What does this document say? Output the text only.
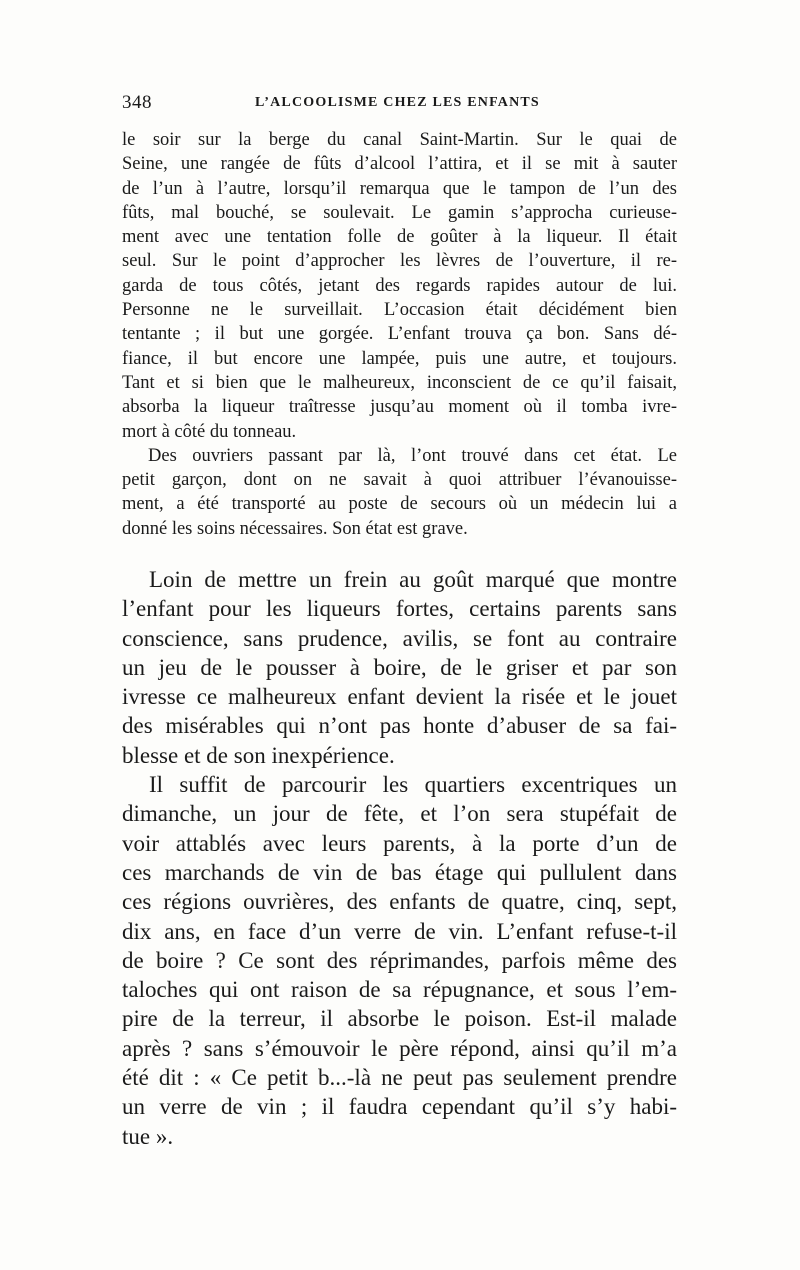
348	L’ALCOOLISME CHEZ LES ENFANTS
le soir sur la berge du canal Saint-Martin. Sur le quai de
Seine, une rangée de fûts d’alcool l’attira, et il se mit à sauter
de l’un à l’autre, lorsqu’il remarqua que le tampon de l’un des
fûts, mal bouché, se soulevait. Le gamin s’approcha curieuse-
ment avec une tentation folle de goûter à la liqueur. Il était
seul. Sur le point d’approcher les lèvres de l’ouverture, il re-
garda de tous côtés, jetant des regards rapides autour de lui.
Personne ne le surveillait. L’occasion était décidément bien
tentante ; il but une gorgée. L’enfant trouva ça bon. Sans dé-
fiance, il but encore une lampée, puis une autre, et toujours.
Tant et si bien que le malheureux, inconscient de ce qu’il faisait,
absorba la liqueur traîtresse jusqu’au moment où il tomba ivre-
mort à côté du tonneau.
Des ouvriers passant par là, l’ont trouvé dans cet état. Le
petit garçon, dont on ne savait à quoi attribuer l’évanouisse-
ment, a été transporté au poste de secours où un médecin lui a
donné les soins nécessaires. Son état est grave.
Loin de mettre un frein au goût marqué que montre
l’enfant pour les liqueurs fortes, certains parents sans
conscience, sans prudence, avilis, se font au contraire
un jeu de le pousser à boire, de le griser et par son
ivresse ce malheureux enfant devient la risée et le jouet
des misérables qui n’ont pas honte d’abuser de sa fai-
blesse et de son inexpérience.
Il suffit de parcourir les quartiers excentriques un
dimanche, un jour de fête, et l’on sera stupéfait de
voir attablés avec leurs parents, à la porte d’un de
ces marchands de vin de bas étage qui pullulent dans
ces régions ouvrières, des enfants de quatre, cinq, sept,
dix ans, en face d’un verre de vin. L’enfant refuse-t-il
de boire ? Ce sont des réprimandes, parfois même des
taloches qui ont raison de sa répugnance, et sous l’em-
pire de la terreur, il absorbe le poison. Est-il malade
après ? sans s’émouvoir le père répond, ainsi qu’il m’a
été dit : « Ce petit b...-là ne peut pas seulement prendre
un verre de vin ; il faudra cependant qu’il s’y habi-
tue ».
